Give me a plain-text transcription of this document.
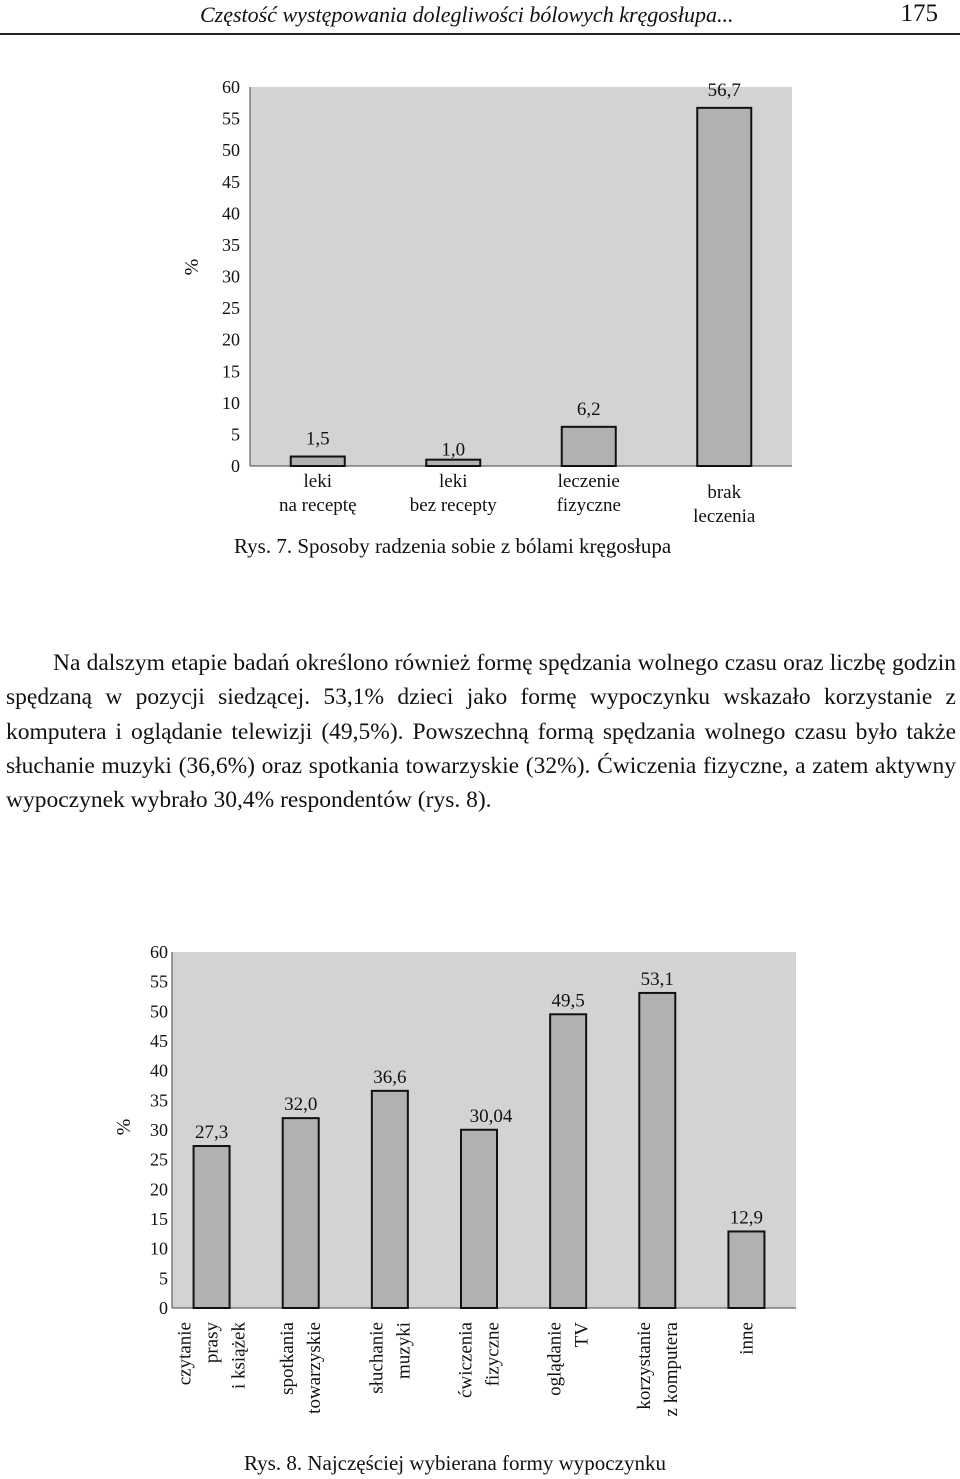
Częstość występowania dolegliwości bólowych kręgosłupa...	175
0
5
10
15
20
25
30
35
40
45
50
55
60
%
1,5
leki
na receptę
1,0
leki
bez recepty
6,2
leczenie
fizyczne
56,7
brak
leczenia
Rys. 7. Sposoby radzenia sobie z bólami kręgosłupa

Na dalszym etapie badań określono również formę spędzania wolnego czasu oraz liczbę godzin spędzaną w pozycji siedzącej. 53,1% dzieci jako formę wypoczynku wskazało korzystanie z komputera i oglądanie telewizji (49,5%). Powszechną formą spędzania wolnego czasu było także słuchanie muzyki (36,6%) oraz spotkania towarzyskie (32%). Ćwiczenia fizyczne, a zatem aktywny wypoczynek wybrało 30,4% respondentów (rys. 8).

0
5
10
15
20
25
30
35
40
45
50
55
60
%	27,3
czytanie prasy i książek
32,0
spotkania towarzyskie
36,6
słuchanie muzyki
30,04
ćwiczenia fizyczne
49,5
oglądanie TV
53,1
korzystanie z komputera
12,9
inne
Rys. 8. Najczęściej wybierana formy wypoczynku
